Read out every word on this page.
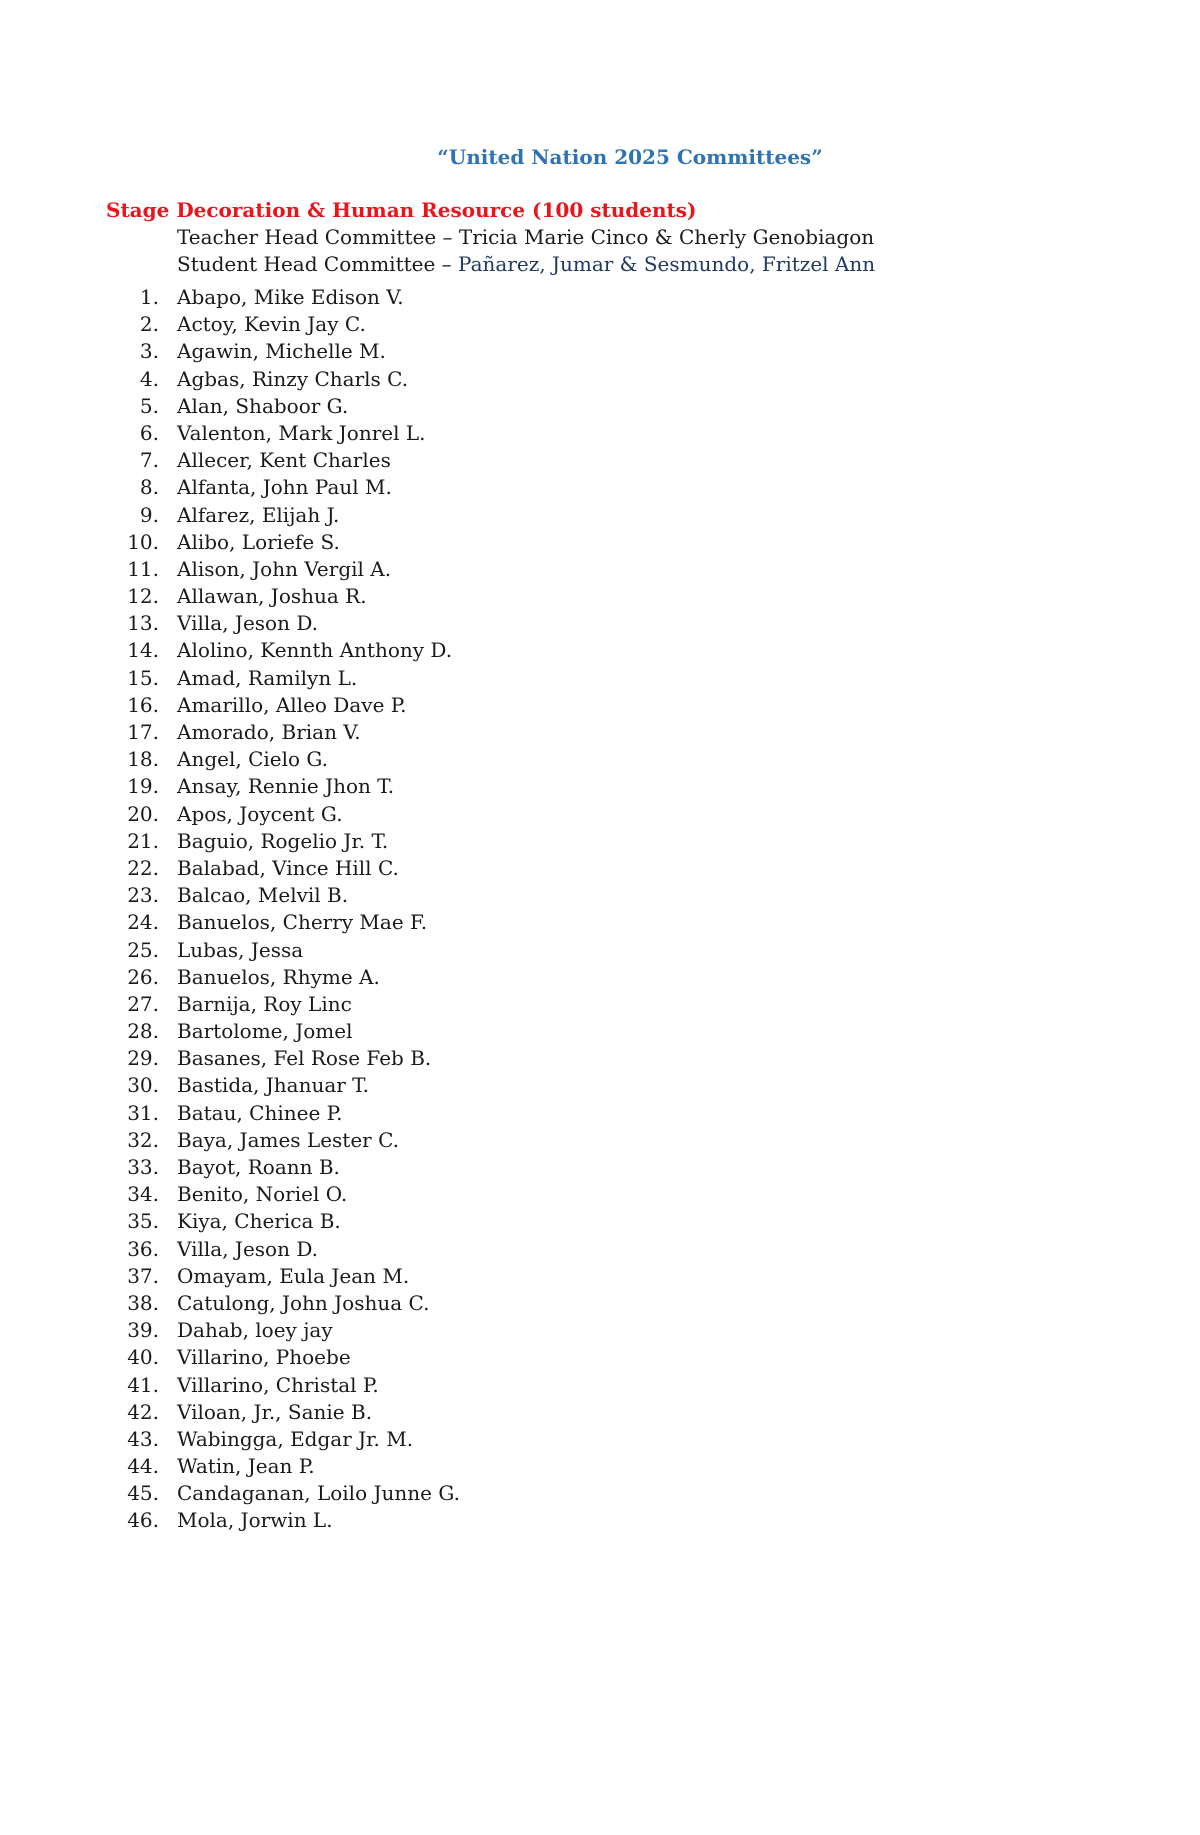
“United Nation 2025 Committees”
Stage Decoration & Human Resource (100 students)
Teacher Head Committee – Tricia Marie Cinco & Cherly Genobiagon
Student Head Committee – Pañarez, Jumar & Sesmundo, Fritzel Ann
1. Abapo, Mike Edison V.
2. Actoy, Kevin Jay C.
3. Agawin, Michelle M.
4. Agbas, Rinzy Charls C.
5. Alan, Shaboor G.
6. Valenton, Mark Jonrel L.
7. Allecer, Kent Charles
8. Alfanta, John Paul M.
9. Alfarez, Elijah J.
10. Alibo, Loriefe S.
11. Alison, John Vergil A.
12. Allawan, Joshua R.
13. Villa, Jeson D.
14. Alolino, Kennth Anthony D.
15. Amad, Ramilyn L.
16. Amarillo, Alleo Dave P.
17. Amorado, Brian V.
18. Angel, Cielo G.
19. Ansay, Rennie Jhon T.
20. Apos, Joycent G.
21. Baguio, Rogelio Jr. T.
22. Balabad, Vince Hill C.
23. Balcao, Melvil B.
24. Banuelos, Cherry Mae F.
25. Lubas, Jessa
26. Banuelos, Rhyme A.
27. Barnija, Roy Linc
28. Bartolome, Jomel
29. Basanes, Fel Rose Feb B.
30. Bastida, Jhanuar T.
31. Batau, Chinee P.
32. Baya, James Lester C.
33. Bayot, Roann B.
34. Benito, Noriel O.
35. Kiya, Cherica B.
36. Villa, Jeson D.
37. Omayam, Eula Jean M.
38. Catulong, John Joshua C.
39. Dahab, loey jay
40. Villarino, Phoebe
41. Villarino, Christal P.
42. Viloan, Jr., Sanie B.
43. Wabingga, Edgar Jr. M.
44. Watin, Jean P.
45. Candaganan, Loilo Junne G.
46. Mola, Jorwin L.
